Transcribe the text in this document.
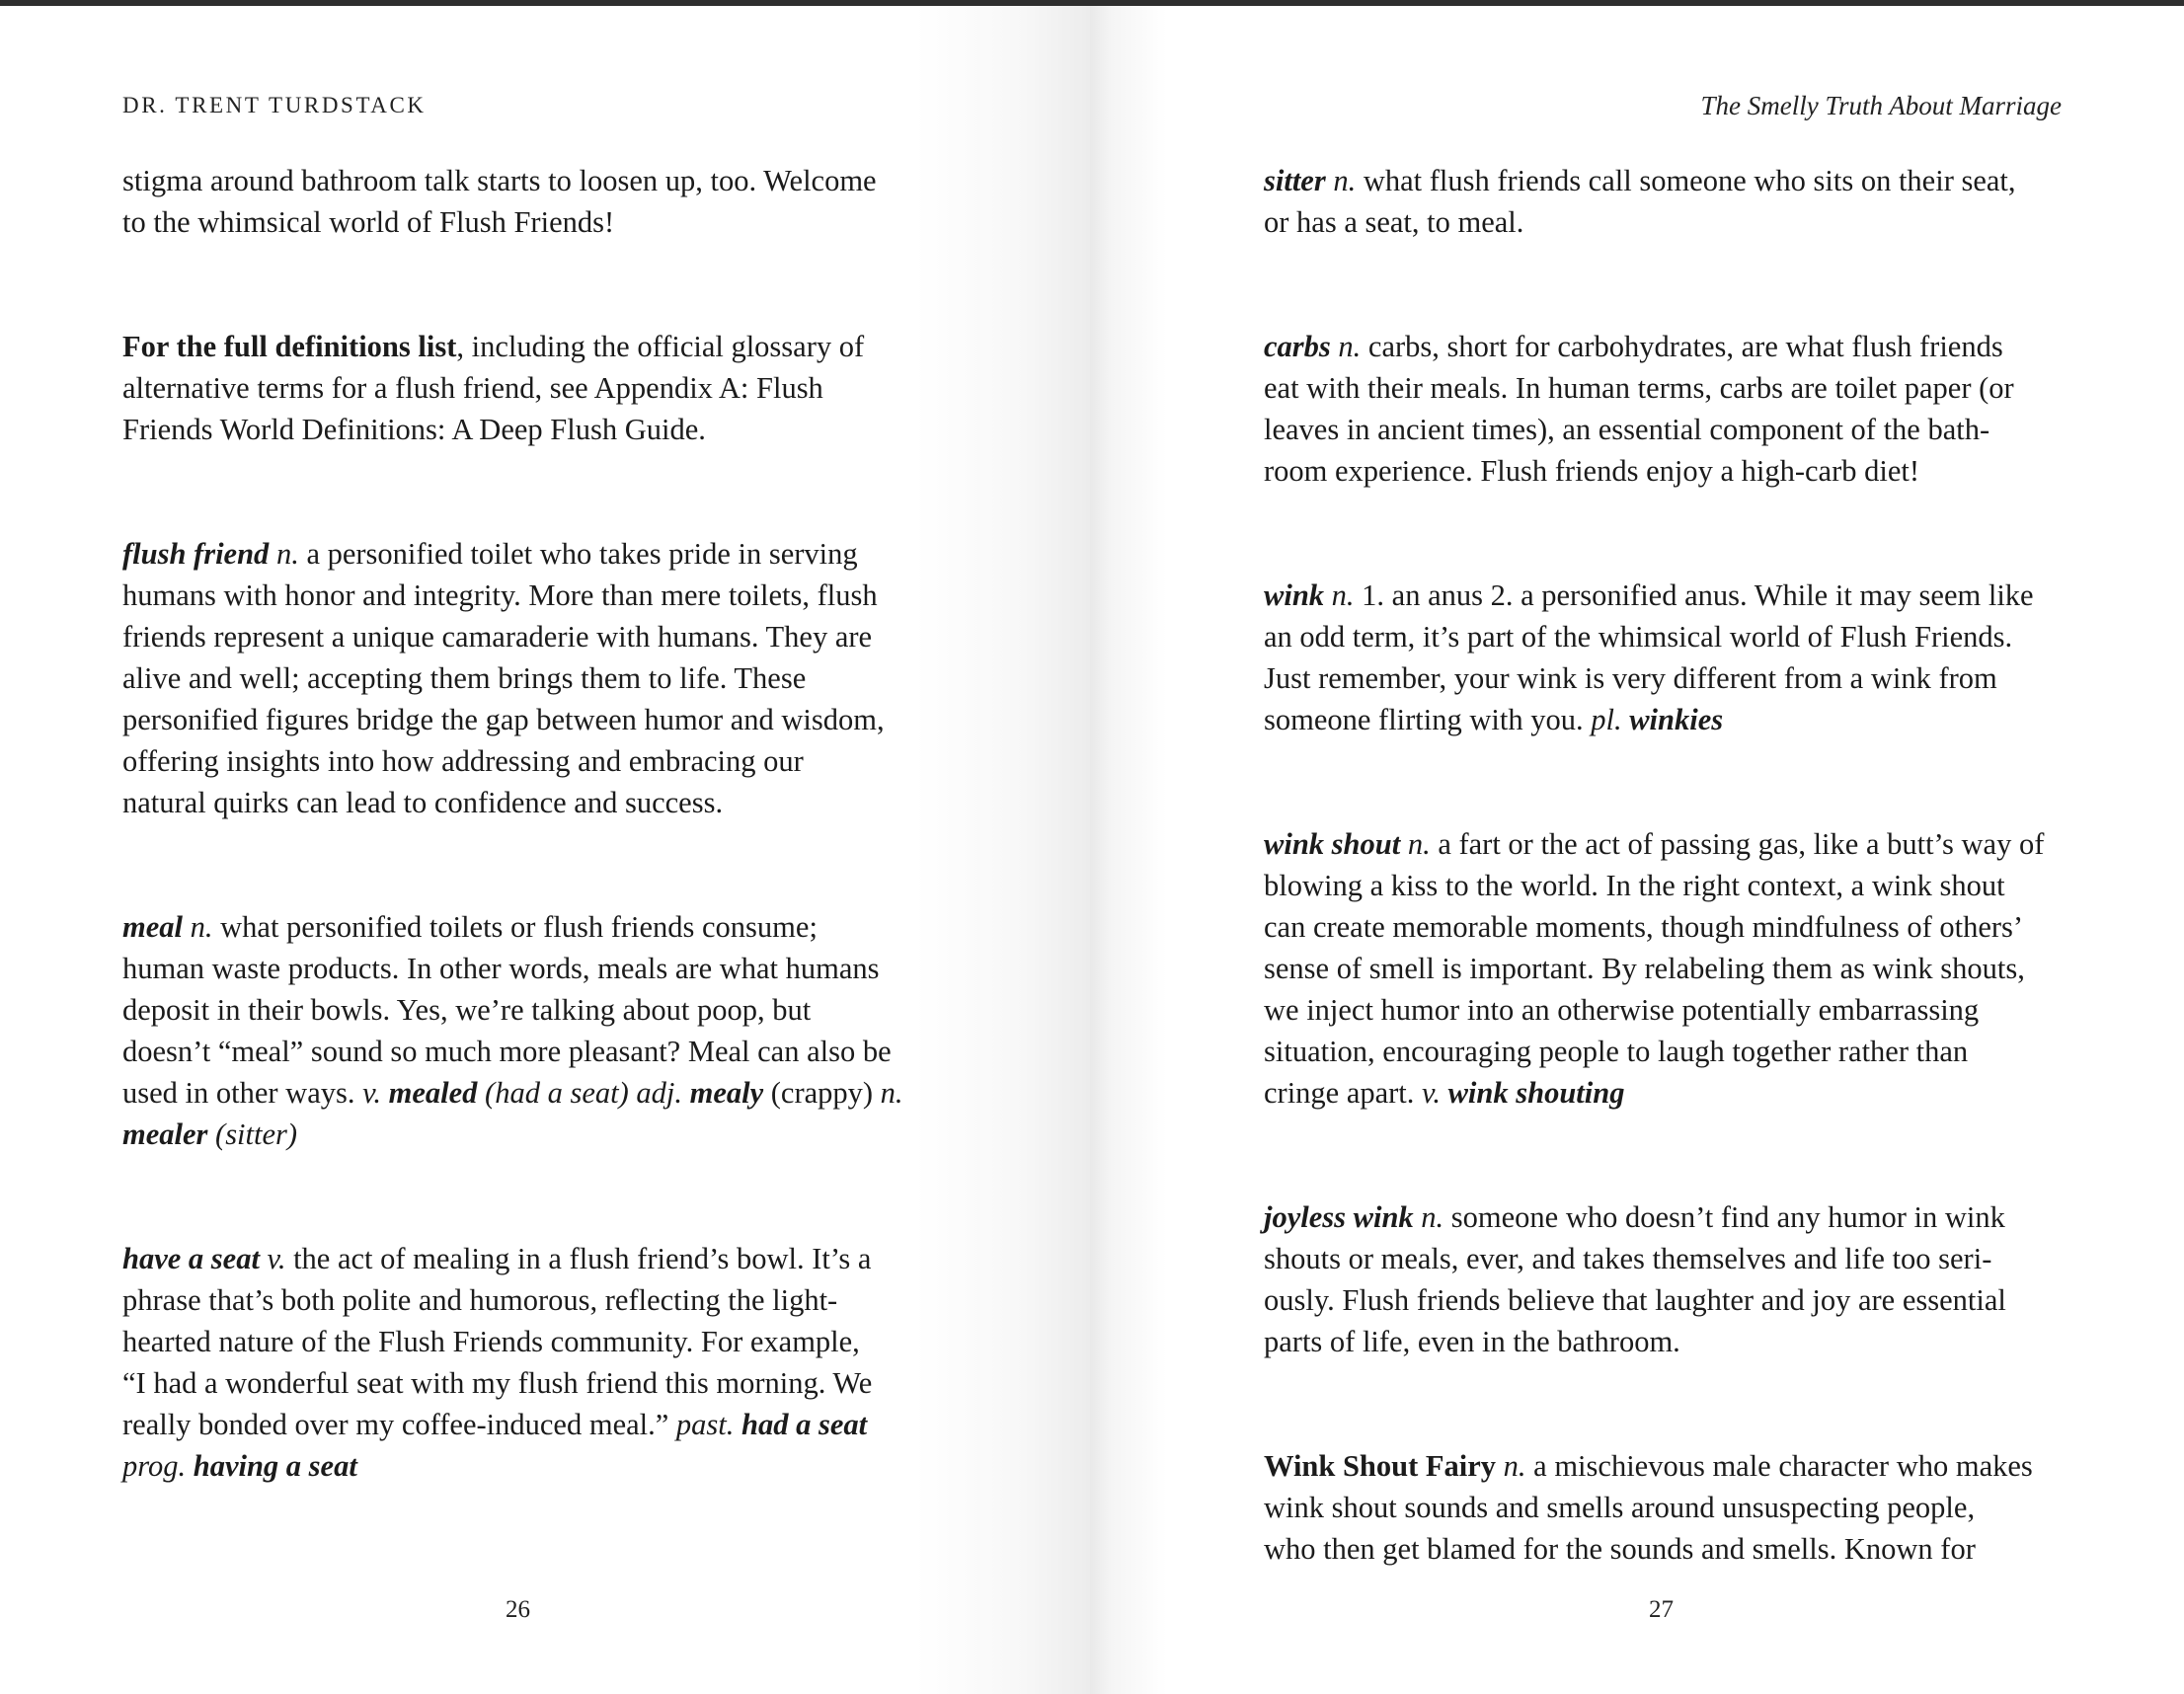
DR. TRENT TURDSTACK

stigma around bathroom talk starts to loosen up, too. Welcome
to the whimsical world of Flush Friends!

For the full definitions list, including the official glossary of
alternative terms for a flush friend, see Appendix A: Flush
Friends World Definitions: A Deep Flush Guide.

flush friend n. a personified toilet who takes pride in serving
humans with honor and integrity. More than mere toilets, flush
friends represent a unique camaraderie with humans. They are
alive and well; accepting them brings them to life. These
personified figures bridge the gap between humor and wisdom,
offering insights into how addressing and embracing our
natural quirks can lead to confidence and success.

meal n. what personified toilets or flush friends consume;
human waste products. In other words, meals are what humans
deposit in their bowls. Yes, we’re talking about poop, but
doesn’t “meal” sound so much more pleasant? Meal can also be
used in other ways. v. mealed (had a seat) adj. mealy (crappy) n.
mealer (sitter)

have a seat v. the act of mealing in a flush friend’s bowl. It’s a
phrase that’s both polite and humorous, reflecting the light-
hearted nature of the Flush Friends community. For example,
“I had a wonderful seat with my flush friend this morning. We
really bonded over my coffee-induced meal.” past. had a seat
prog. having a seat

26
The Smelly Truth About Marriage

sitter n. what flush friends call someone who sits on their seat,
or has a seat, to meal.

carbs n. carbs, short for carbohydrates, are what flush friends
eat with their meals. In human terms, carbs are toilet paper (or
leaves in ancient times), an essential component of the bath-
room experience. Flush friends enjoy a high-carb diet!

wink n. 1. an anus 2. a personified anus. While it may seem like
an odd term, it’s part of the whimsical world of Flush Friends.
Just remember, your wink is very different from a wink from
someone flirting with you. pl. winkies

wink shout n. a fart or the act of passing gas, like a butt’s way of
blowing a kiss to the world. In the right context, a wink shout
can create memorable moments, though mindfulness of others’
sense of smell is important. By relabeling them as wink shouts,
we inject humor into an otherwise potentially embarrassing
situation, encouraging people to laugh together rather than
cringe apart. v. wink shouting

joyless wink n. someone who doesn’t find any humor in wink
shouts or meals, ever, and takes themselves and life too seri-
ously. Flush friends believe that laughter and joy are essential
parts of life, even in the bathroom.

Wink Shout Fairy n. a mischievous male character who makes
wink shout sounds and smells around unsuspecting people,
who then get blamed for the sounds and smells. Known for

27
